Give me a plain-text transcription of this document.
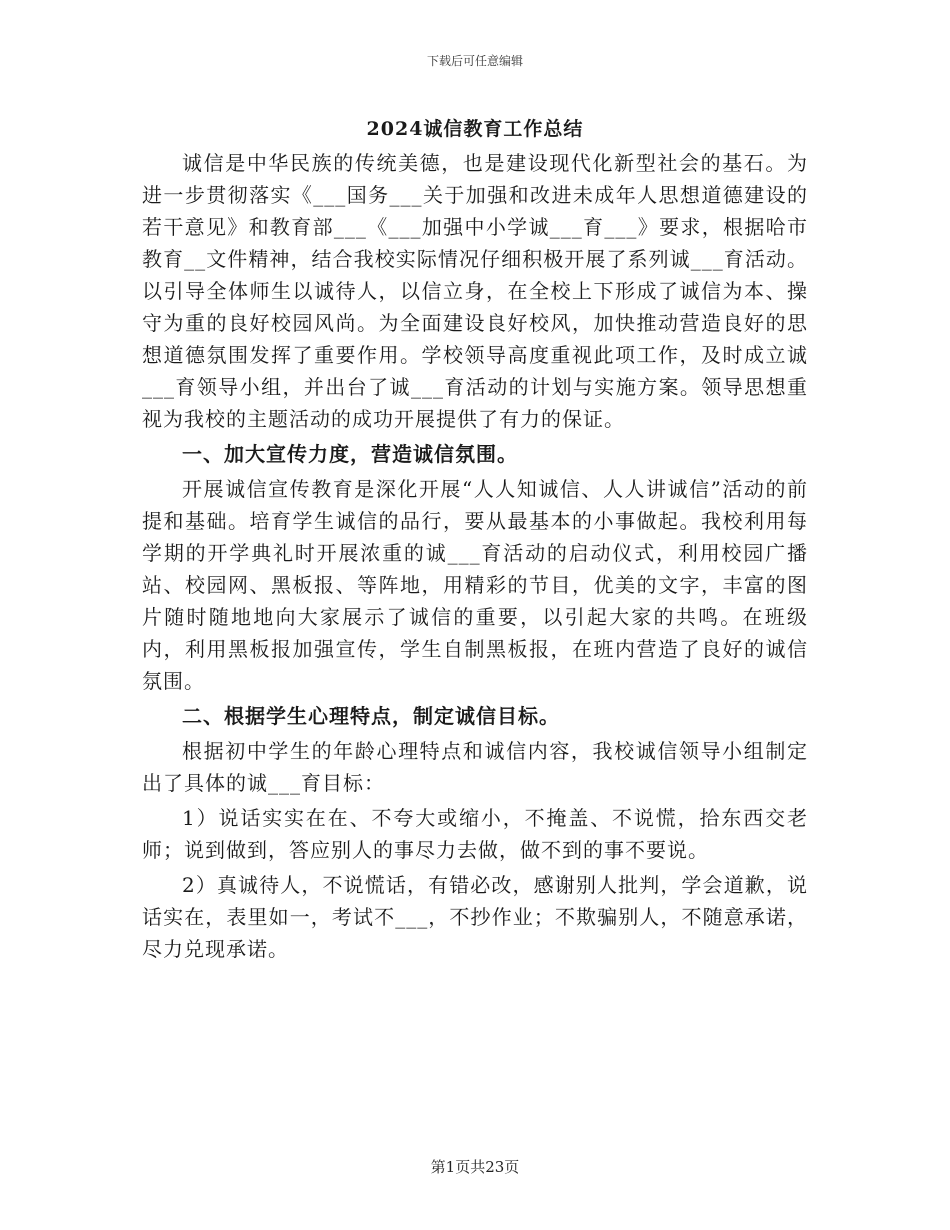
下载后可任意编辑
2024诚信教育工作总结

诚信是中华民族的传统美德，也是建设现代化新型社会的基石。为进一步贯彻落实《___国务___关于加强和改进未成年人思想道德建设的若干意见》和教育部___《___加强中小学诚___育___》要求，根据哈市教育__文件精神，结合我校实际情况仔细积极开展了系列诚___育活动。以引导全体师生以诚待人，以信立身，在全校上下形成了诚信为本、操守为重的良好校园风尚。为全面建设良好校风，加快推动营造良好的思想道德氛围发挥了重要作用。学校领导高度重视此项工作，及时成立诚___育领导小组，并出台了诚___育活动的计划与实施方案。领导思想重视为我校的主题活动的成功开展提供了有力的保证。

一、加大宣传力度，营造诚信氛围。

开展诚信宣传教育是深化开展“人人知诚信、人人讲诚信”活动的前提和基础。培育学生诚信的品行，要从最基本的小事做起。我校利用每学期的开学典礼时开展浓重的诚___育活动的启动仪式，利用校园广播站、校园网、黑板报、等阵地，用精彩的节目，优美的文字，丰富的图片随时随地地向大家展示了诚信的重要，以引起大家的共鸣。在班级内，利用黑板报加强宣传，学生自制黑板报，在班内营造了良好的诚信氛围。

二、根据学生心理特点，制定诚信目标。

根据初中学生的年龄心理特点和诚信内容，我校诚信领导小组制定出了具体的诚___育目标：

1）说话实实在在、不夸大或缩小，不掩盖、不说慌，拾东西交老师；说到做到，答应别人的事尽力去做，做不到的事不要说。

2）真诚待人，不说慌话，有错必改，感谢别人批判，学会道歉，说话实在，表里如一，考试不___，不抄作业；不欺骗别人，不随意承诺，尽力兑现承诺。

第1页共23页
